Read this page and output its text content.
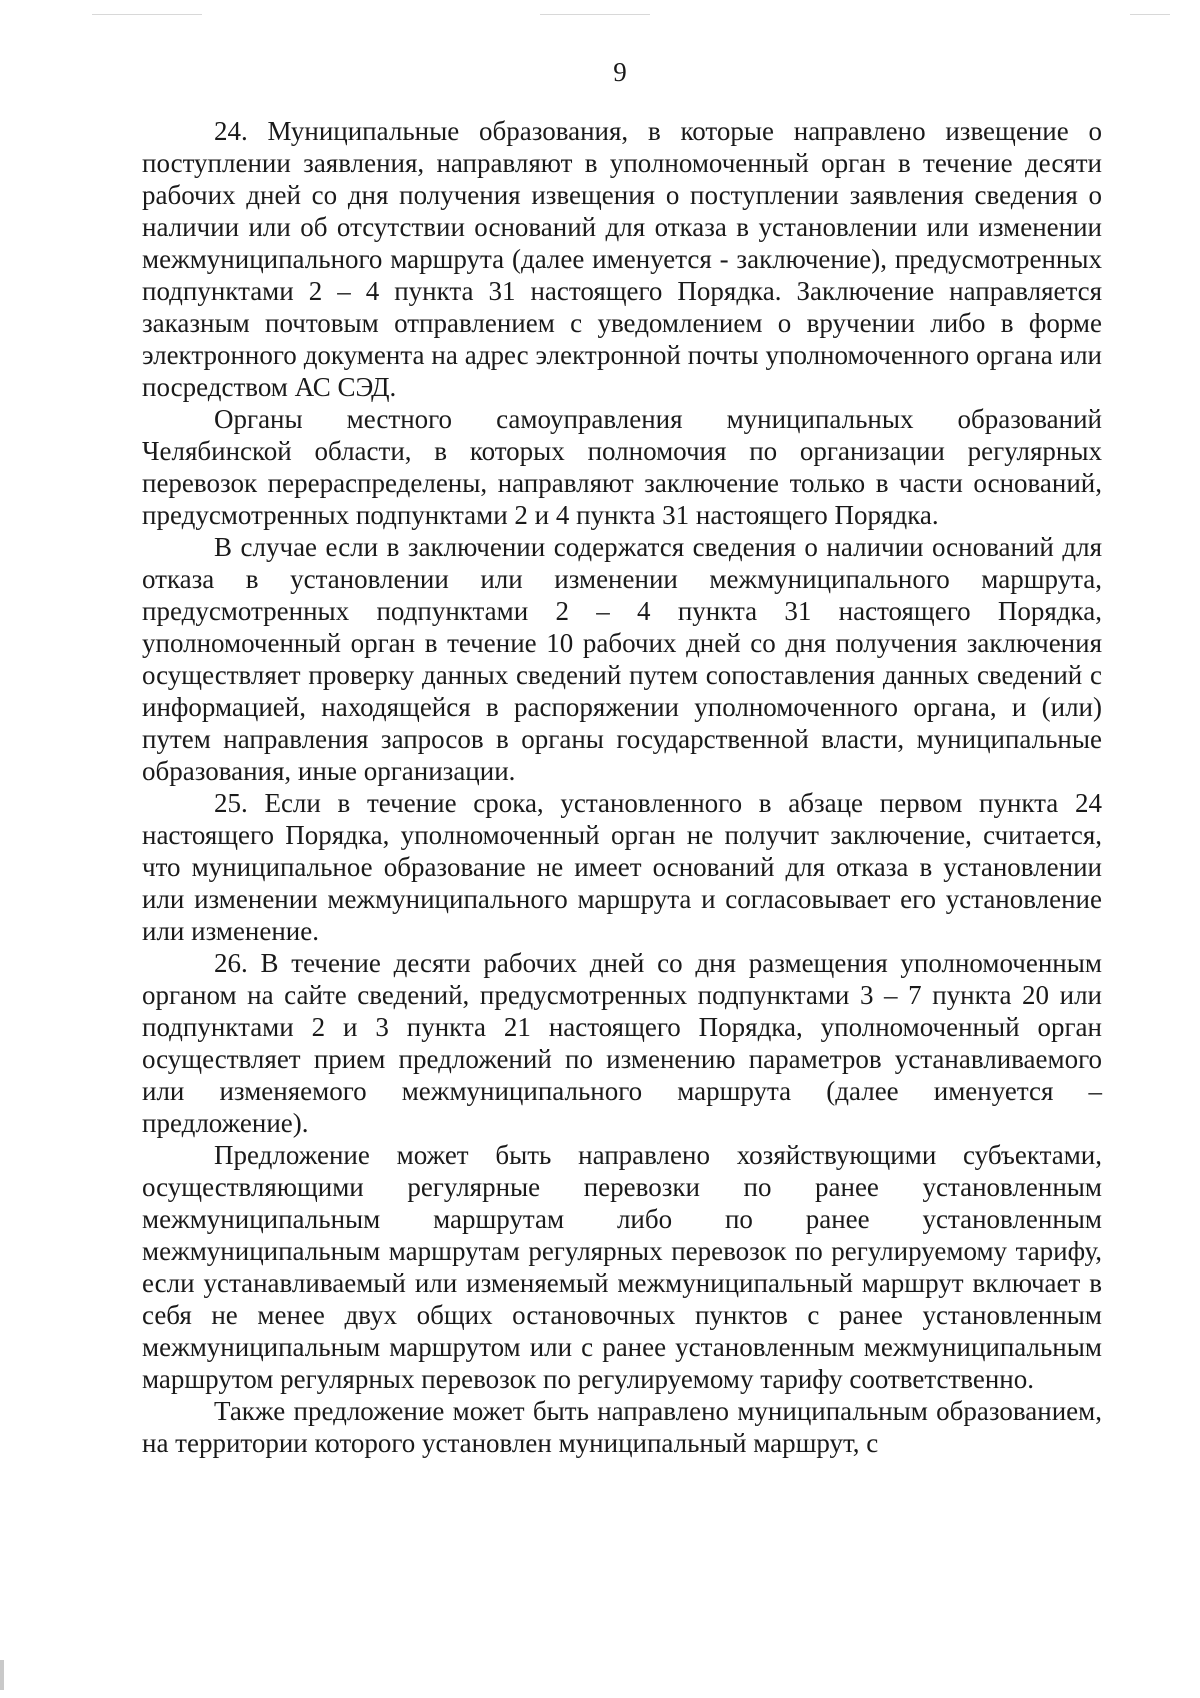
9

24. Муниципальные образования, в которые направлено извещение о поступлении заявления, направляют в уполномоченный орган в течение десяти рабочих дней со дня получения извещения о поступлении заявления сведения о наличии или об отсутствии оснований для отказа в установлении или изменении межмуниципального маршрута (далее именуется - заключение), предусмотренных подпунктами 2 – 4 пункта 31 настоящего Порядка. Заключение направляется заказным почтовым отправлением с уведомлением о вручении либо в форме электронного документа на адрес электронной почты уполномоченного органа или посредством АС СЭД.

Органы местного самоуправления муниципальных образований Челябинской области, в которых полномочия по организации регулярных перевозок перераспределены, направляют заключение только в части оснований, предусмотренных подпунктами 2 и 4 пункта 31 настоящего Порядка.

В случае если в заключении содержатся сведения о наличии оснований для отказа в установлении или изменении межмуниципального маршрута, предусмотренных подпунктами 2 – 4 пункта 31 настоящего Порядка, уполномоченный орган в течение 10 рабочих дней со дня получения заключения осуществляет проверку данных сведений путем сопоставления данных сведений с информацией, находящейся в распоряжении уполномоченного органа, и (или) путем направления запросов в органы государственной власти, муниципальные образования, иные организации.

25. Если в течение срока, установленного в абзаце первом пункта 24 настоящего Порядка, уполномоченный орган не получит заключение, считается, что муниципальное образование не имеет оснований для отказа в установлении или изменении межмуниципального маршрута и согласовывает его установление или изменение.

26. В течение десяти рабочих дней со дня размещения уполномоченным органом на сайте сведений, предусмотренных подпунктами 3 – 7 пункта 20 или подпунктами 2 и 3 пункта 21 настоящего Порядка, уполномоченный орган осуществляет прием предложений по изменению параметров устанавливаемого или изменяемого межмуниципального маршрута (далее именуется – предложение).

Предложение может быть направлено хозяйствующими субъектами, осуществляющими регулярные перевозки по ранее установленным межмуниципальным маршрутам либо по ранее установленным межмуниципальным маршрутам регулярных перевозок по регулируемому тарифу, если устанавливаемый или изменяемый межмуниципальный маршрут включает в себя не менее двух общих остановочных пунктов с ранее установленным межмуниципальным маршрутом или с ранее установленным межмуниципальным маршрутом регулярных перевозок по регулируемому тарифу соответственно.

Также предложение может быть направлено муниципальным образованием, на территории которого установлен муниципальный маршрут, с
